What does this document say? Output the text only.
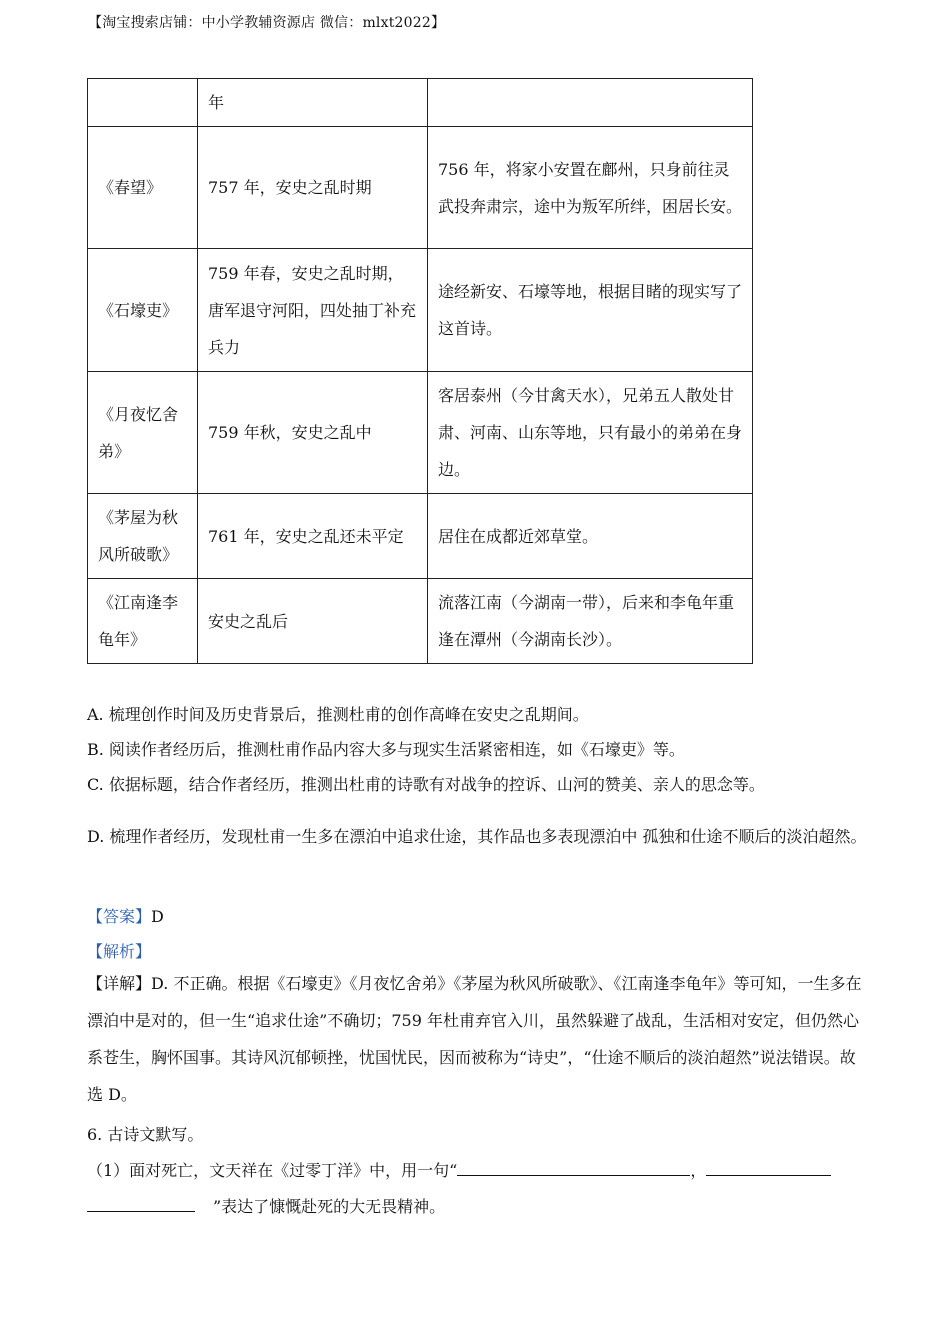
【淘宝搜索店铺：中小学教辅资源店 微信：mlxt2022】
	年	
《春望》	757 年，安史之乱时期	756 年，将家小安置在鄜州，只身前往灵武投奔肃宗，途中为叛军所绊，困居长安。
《石壕吏》	759 年春，安史之乱时期，唐军退守河阳，四处抽丁补充兵力	途经新安、石壕等地，根据目睹的现实写了这首诗。
《月夜忆舍弟》	759 年秋，安史之乱中	客居泰州（今甘禽天水），兄弟五人散处甘肃、河南、山东等地，只有最小的弟弟在身边。
《茅屋为秋风所破歌》	761 年，安史之乱还未平定	居住在成都近郊草堂。
《江南逢李龟年》	安史之乱后	流落江南（今湖南一带），后来和李龟年重逢在潭州（今湖南长沙）。
A. 梳理创作时间及历史背景后，推测杜甫的创作高峰在安史之乱期间。
B. 阅读作者经历后，推测杜甫作品内容大多与现实生活紧密相连，如《石壕吏》等。
C. 依据标题，结合作者经历，推测出杜甫的诗歌有对战争的控诉、山河的赞美、亲人的思念等。
D. 梳理作者经历，发现杜甫一生多在漂泊中追求仕途，其作品也多表现漂泊中 孤独和仕途不顺后的淡泊超然。
【答案】D
【解析】
【详解】D. 不正确。根据《石壕吏》《月夜忆舍弟》《茅屋为秋风所破歌》、《江南逢李龟年》等可知，一生多在漂泊中是对的，但一生“追求仕途”不确切；759 年杜甫弃官入川，虽然躲避了战乱，生活相对安定，但仍然心系苍生，胸怀国事。其诗风沉郁顿挫，忧国忧民，因而被称为“诗史”，“仕途不顺后的淡泊超然”说法错误。故选 D。
6. 古诗文默写。
（1）面对死亡，文天祥在《过零丁洋》中，用一句“	，
”表达了慷慨赴死的大无畏精神。
